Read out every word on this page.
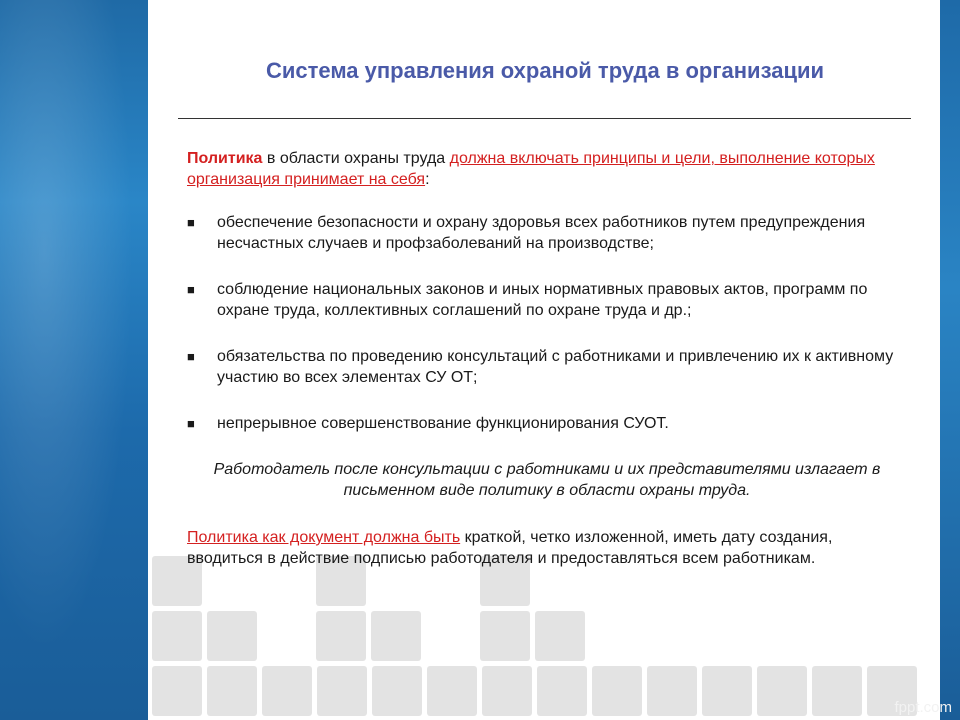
Система управления охраной труда в организации

Политика в области охраны труда должна включать принципы и цели, выполнение которых организация принимает на себя:

■ обеспечение безопасности и охрану здоровья всех работников путем предупреждения несчастных случаев и профзаболеваний на производстве;
■ соблюдение национальных законов и иных нормативных правовых актов, программ по охране труда, коллективных соглашений по охране труда и др.;
■ обязательства по проведению консультаций с работниками и привлечению их к активному участию во всех элементах СУ ОТ;
■ непрерывное совершенствование функционирования СУОТ.

Работодатель после консультации с работниками и их представителями излагает в письменном виде политику в области охраны труда.

Политика как документ должна быть краткой, четко изложенной, иметь дату создания, вводиться в действие подписью работодателя и предоставляться всем работникам.

fppt.com
